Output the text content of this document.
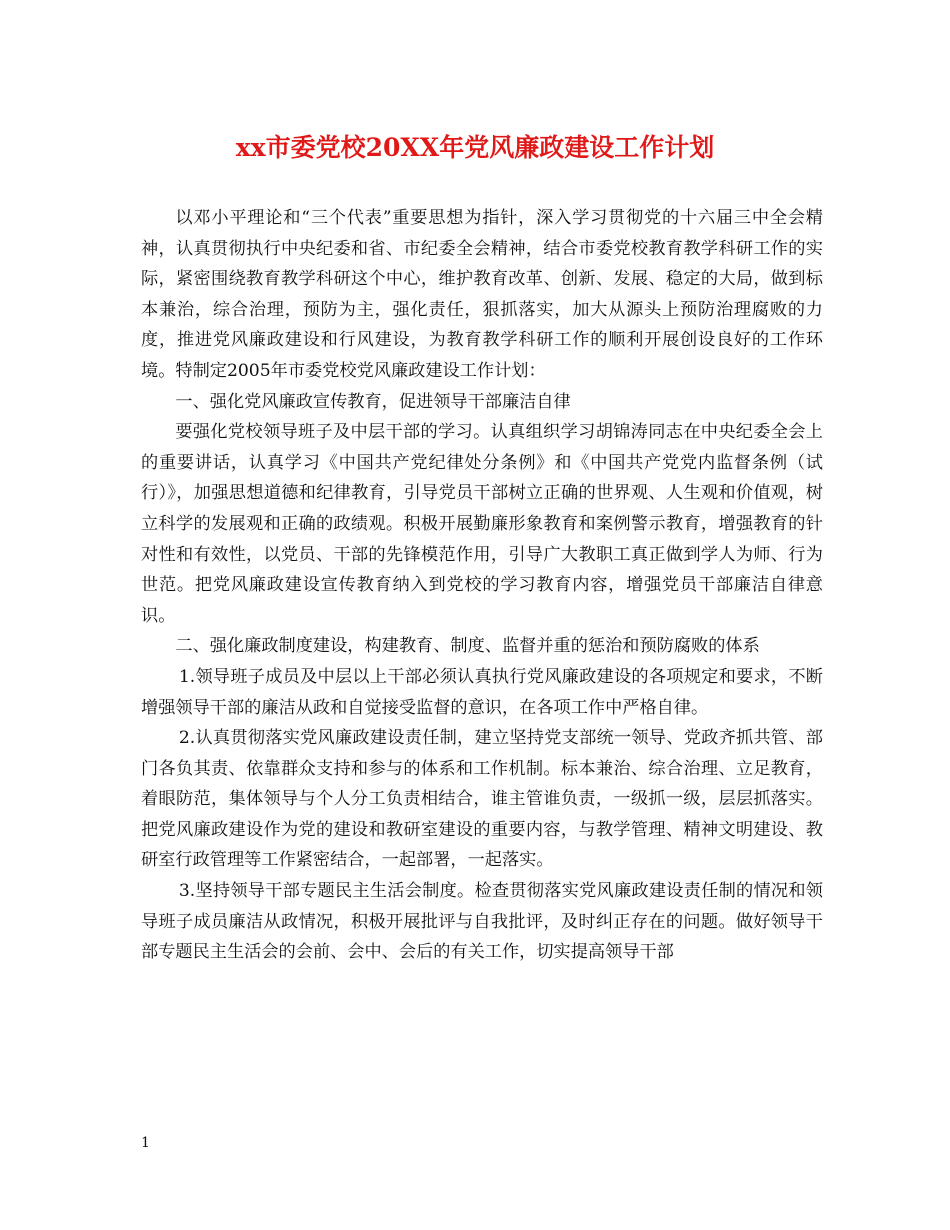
xx市委党校20XX年党风廉政建设工作计划

以邓小平理论和“三个代表”重要思想为指针，深入学习贯彻党的十六届三中全会精神，认真贯彻执行中央纪委和省、市纪委全会精神，结合市委党校教育教学科研工作的实际，紧密围绕教育教学科研这个中心，维护教育改革、创新、发展、稳定的大局，做到标本兼治，综合治理，预防为主，强化责任，狠抓落实，加大从源头上预防治理腐败的力度，推进党风廉政建设和行风建设，为教育教学科研工作的顺利开展创设良好的工作环境。特制定2005年市委党校党风廉政建设工作计划：

一、强化党风廉政宣传教育，促进领导干部廉洁自律

要强化党校领导班子及中层干部的学习。认真组织学习胡锦涛同志在中央纪委全会上的重要讲话，认真学习《中国共产党纪律处分条例》和《中国共产党党内监督条例（试行）》，加强思想道德和纪律教育，引导党员干部树立正确的世界观、人生观和价值观，树立科学的发展观和正确的政绩观。积极开展勤廉形象教育和案例警示教育，增强教育的针对性和有效性，以党员、干部的先锋模范作用，引导广大教职工真正做到学人为师、行为世范。把党风廉政建设宣传教育纳入到党校的学习教育内容，增强党员干部廉洁自律意识。

二、强化廉政制度建设，构建教育、制度、监督并重的惩治和预防腐败的体系

1.领导班子成员及中层以上干部必须认真执行党风廉政建设的各项规定和要求，不断增强领导干部的廉洁从政和自觉接受监督的意识，在各项工作中严格自律。

2.认真贯彻落实党风廉政建设责任制，建立坚持党支部统一领导、党政齐抓共管、部门各负其责、依靠群众支持和参与的体系和工作机制。标本兼治、综合治理、立足教育，着眼防范，集体领导与个人分工负责相结合，谁主管谁负责，一级抓一级，层层抓落实。把党风廉政建设作为党的建设和教研室建设的重要内容，与教学管理、精神文明建设、教研室行政管理等工作紧密结合，一起部署，一起落实。

3.坚持领导干部专题民主生活会制度。检查贯彻落实党风廉政建设责任制的情况和领导班子成员廉洁从政情况，积极开展批评与自我批评，及时纠正存在的问题。做好领导干部专题民主生活会的会前、会中、会后的有关工作，切实提高领导干部

1
